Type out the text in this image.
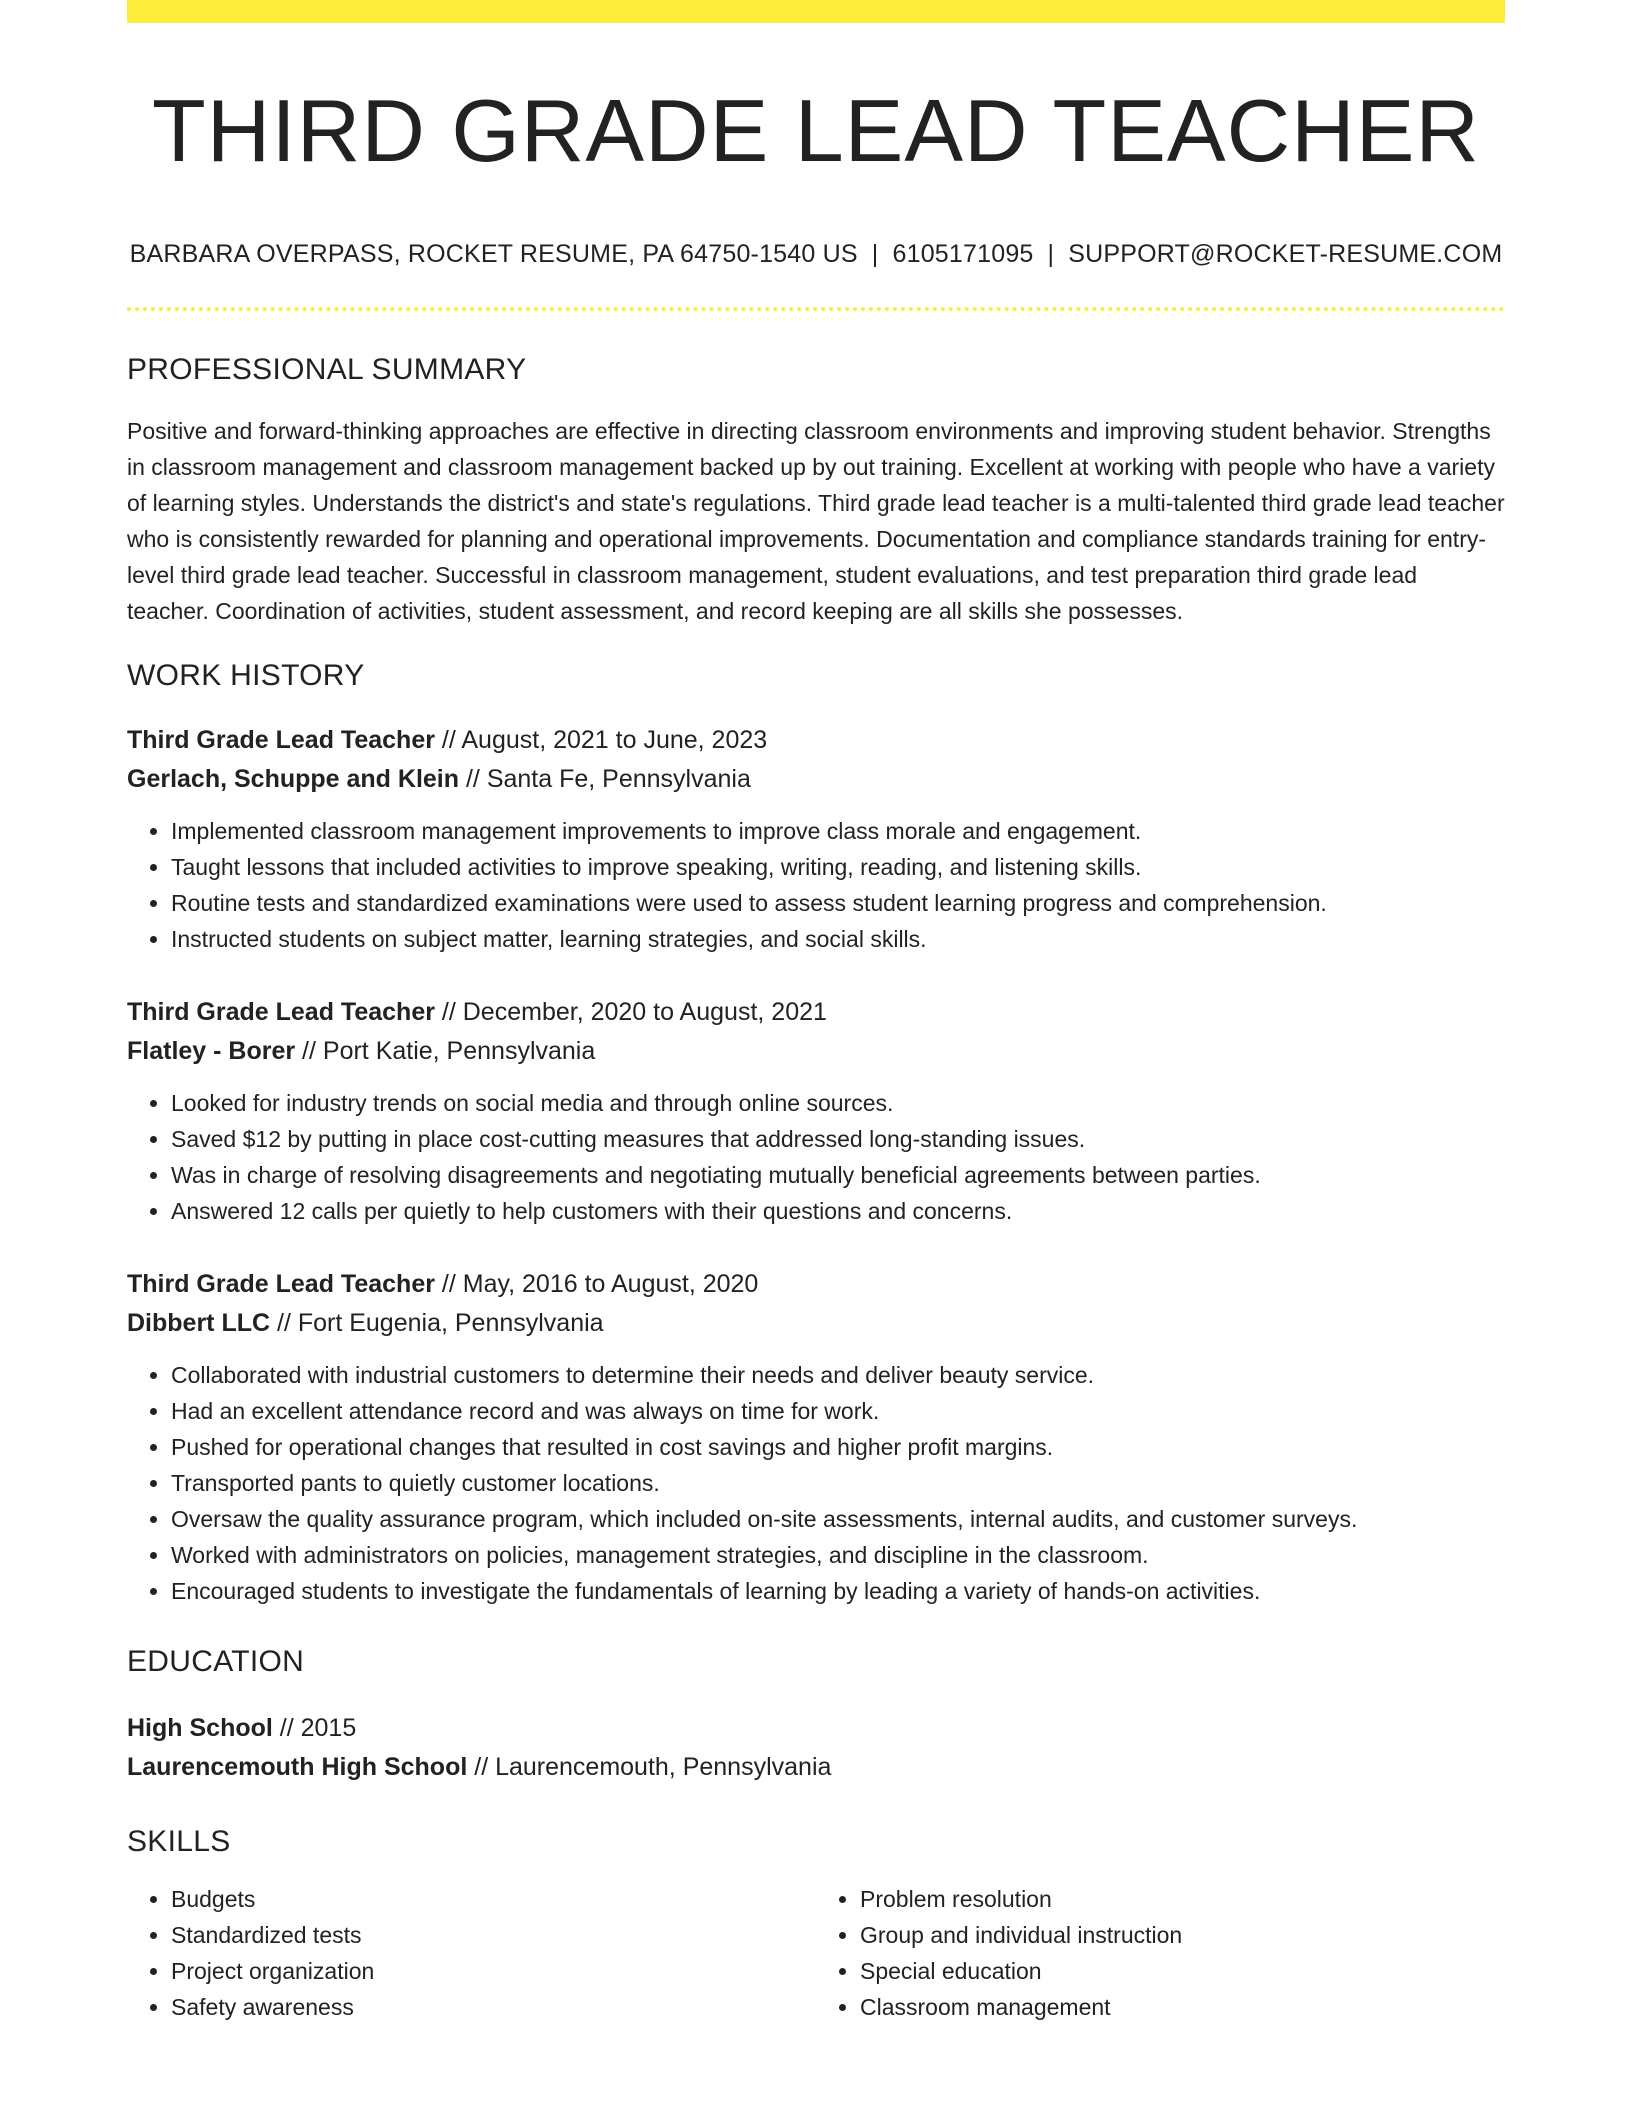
THIRD GRADE LEAD TEACHER
BARBARA OVERPASS, ROCKET RESUME, PA 64750-1540 US | 6105171095 | SUPPORT@ROCKET-RESUME.COM
PROFESSIONAL SUMMARY
Positive and forward-thinking approaches are effective in directing classroom environments and improving student behavior. Strengths in classroom management and classroom management backed up by out training. Excellent at working with people who have a variety of learning styles. Understands the district's and state's regulations. Third grade lead teacher is a multi-talented third grade lead teacher who is consistently rewarded for planning and operational improvements. Documentation and compliance standards training for entry-level third grade lead teacher. Successful in classroom management, student evaluations, and test preparation third grade lead teacher. Coordination of activities, student assessment, and record keeping are all skills she possesses.
WORK HISTORY
Third Grade Lead Teacher // August, 2021 to June, 2023
Gerlach, Schuppe and Klein // Santa Fe, Pennsylvania
• Implemented classroom management improvements to improve class morale and engagement.
• Taught lessons that included activities to improve speaking, writing, reading, and listening skills.
• Routine tests and standardized examinations were used to assess student learning progress and comprehension.
• Instructed students on subject matter, learning strategies, and social skills.
Third Grade Lead Teacher // December, 2020 to August, 2021
Flatley - Borer // Port Katie, Pennsylvania
• Looked for industry trends on social media and through online sources.
• Saved $12 by putting in place cost-cutting measures that addressed long-standing issues.
• Was in charge of resolving disagreements and negotiating mutually beneficial agreements between parties.
• Answered 12 calls per quietly to help customers with their questions and concerns.
Third Grade Lead Teacher // May, 2016 to August, 2020
Dibbert LLC // Fort Eugenia, Pennsylvania
• Collaborated with industrial customers to determine their needs and deliver beauty service.
• Had an excellent attendance record and was always on time for work.
• Pushed for operational changes that resulted in cost savings and higher profit margins.
• Transported pants to quietly customer locations.
• Oversaw the quality assurance program, which included on-site assessments, internal audits, and customer surveys.
• Worked with administrators on policies, management strategies, and discipline in the classroom.
• Encouraged students to investigate the fundamentals of learning by leading a variety of hands-on activities.
EDUCATION
High School // 2015
Laurencemouth High School // Laurencemouth, Pennsylvania
SKILLS
• Budgets
• Standardized tests
• Project organization
• Safety awareness
• Problem resolution
• Group and individual instruction
• Special education
• Classroom management
